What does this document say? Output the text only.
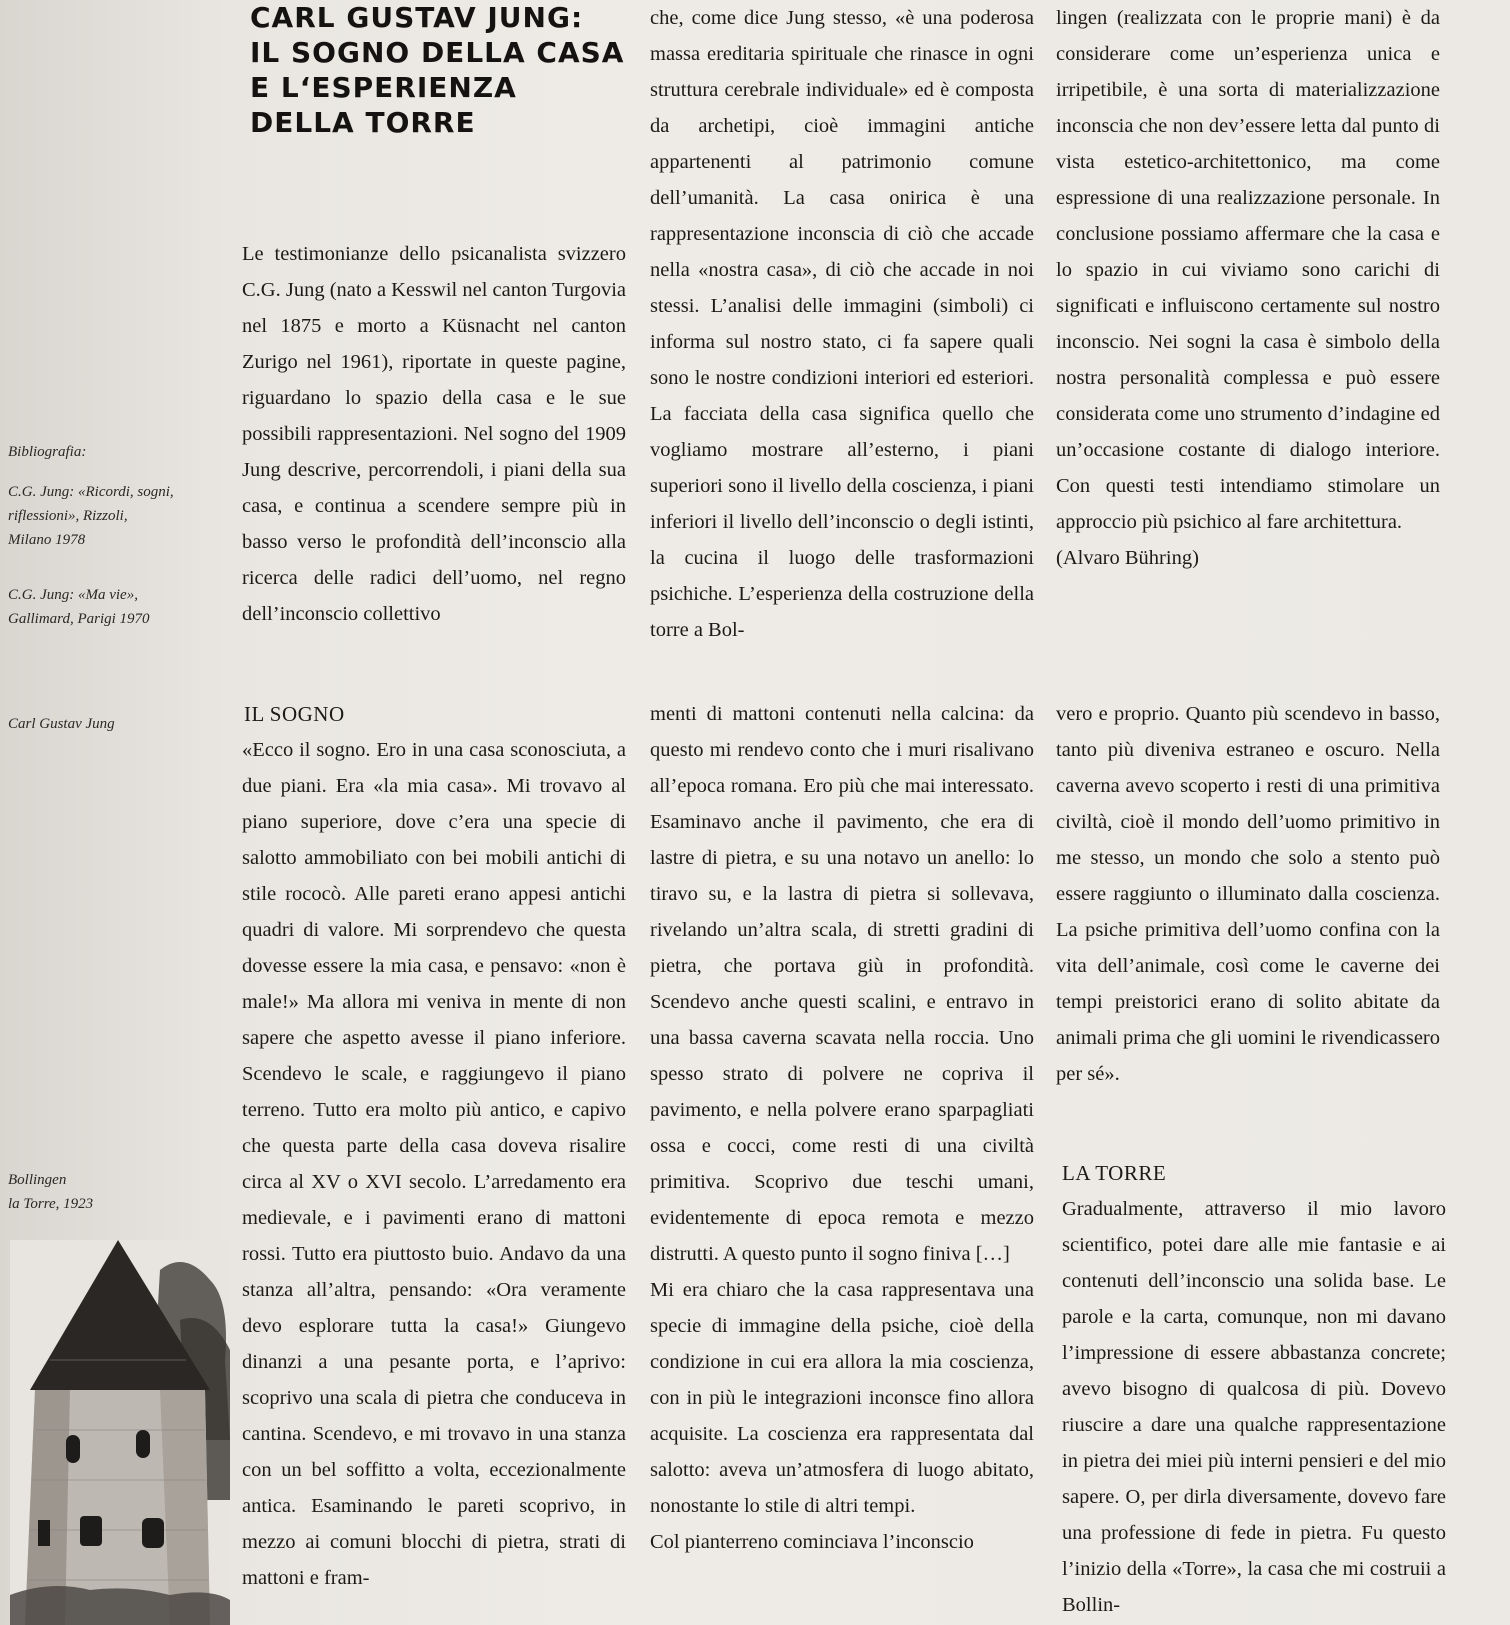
CARL GUSTAV JUNG:
IL SOGNO DELLA CASA
E L‘ESPERIENZA
DELLA TORRE
Bibliografia:
C.G. Jung: «Ricordi, sogni,
riflessioni», Rizzoli,
Milano 1978
C.G. Jung: «Ma vie»,
Gallimard, Parigi 1970
Carl Gustav Jung
Bollingen
la Torre, 1923

Le testimonianze dello psicanalista svizzero C.G. Jung (nato a Kesswil nel canton Turgovia nel 1875 e morto a Küsnacht nel canton Zurigo nel 1961), riportate in queste pagine, riguardano lo spazio della casa e le sue possibili rappresentazioni. Nel sogno del 1909 Jung descrive, percorrendoli, i piani della sua casa, e continua a scendere sempre più in basso verso le profondità dell’inconscio alla ricerca delle radici dell’uomo, nel regno dell’inconscio collettivo

che, come dice Jung stesso, «è una poderosa massa ereditaria spirituale che rinasce in ogni struttura cerebrale individuale» ed è composta da archetipi, cioè immagini antiche appartenenti al patrimonio comune dell’umanità. La casa onirica è una rappresentazione inconscia di ciò che accade nella «nostra casa», di ciò che accade in noi stessi. L’analisi delle immagini (simboli) ci informa sul nostro stato, ci fa sapere quali sono le nostre condizioni interiori ed esteriori. La facciata della casa significa quello che vogliamo mostrare all’esterno, i piani superiori sono il livello della coscienza, i piani inferiori il livello dell’inconscio o degli istinti, la cucina il luogo delle trasformazioni psichiche. L’esperienza della costruzione della torre a Bol-

lingen (realizzata con le proprie mani) è da considerare come un’esperienza unica e irripetibile, è una sorta di materializzazione inconscia che non dev’essere letta dal punto di vista estetico-architettonico, ma come espressione di una realizzazione personale. In conclusione possiamo affermare che la casa e lo spazio in cui viviamo sono carichi di significati e influiscono certamente sul nostro inconscio. Nei sogni la casa è simbolo della nostra personalità complessa e può essere considerata come uno strumento d’indagine ed un’occasione costante di dialogo interiore. Con questi testi intendiamo stimolare un approccio più psichico al fare architettura.

(Alvaro Bühring)

IL SOGNO

«Ecco il sogno. Ero in una casa sconosciuta, a due piani. Era «la mia casa». Mi trovavo al piano superiore, dove c’era una specie di salotto ammobiliato con bei mobili antichi di stile rococò. Alle pareti erano appesi antichi quadri di valore. Mi sorprendevo che questa dovesse essere la mia casa, e pensavo: «non è male!» Ma allora mi veniva in mente di non sapere che aspetto avesse il piano inferiore. Scendevo le scale, e raggiungevo il piano terreno. Tutto era molto più antico, e capivo che questa parte della casa doveva risalire circa al XV o XVI secolo. L’arredamento era medievale, e i pavimenti erano di mattoni rossi. Tutto era piuttosto buio. Andavo da una stanza all’altra, pensando: «Ora veramente devo esplorare tutta la casa!» Giungevo dinanzi a una pesante porta, e l’aprivo: scoprivo una scala di pietra che conduceva in cantina. Scendevo, e mi trovavo in una stanza con un bel soffitto a volta, eccezionalmente antica. Esaminando le pareti scoprivo, in mezzo ai comuni blocchi di pietra, strati di mattoni e fram-

menti di mattoni contenuti nella calcina: da questo mi rendevo conto che i muri risalivano all’epoca romana. Ero più che mai interessato. Esaminavo anche il pavimento, che era di lastre di pietra, e su una notavo un anello: lo tiravo su, e la lastra di pietra si sollevava, rivelando un’altra scala, di stretti gradini di pietra, che portava giù in profondità. Scendevo anche questi scalini, e entravo in una bassa caverna scavata nella roccia. Uno spesso strato di polvere ne copriva il pavimento, e nella polvere erano sparpagliati ossa e cocci, come resti di una civiltà primitiva. Scoprivo due teschi umani, evidentemente di epoca remota e mezzo distrutti. A questo punto il sogno finiva […]

Mi era chiaro che la casa rappresentava una specie di immagine della psiche, cioè della condizione in cui era allora la mia coscienza, con in più le integrazioni inconsce fino allora acquisite. La coscienza era rappresentata dal salotto: aveva un’atmosfera di luogo abitato, nonostante lo stile di altri tempi.

Col pianterreno cominciava l’inconscio

vero e proprio. Quanto più scendevo in basso, tanto più diveniva estraneo e oscuro. Nella caverna avevo scoperto i resti di una primitiva civiltà, cioè il mondo dell’uomo primitivo in me stesso, un mondo che solo a stento può essere raggiunto o illuminato dalla coscienza. La psiche primitiva dell’uomo confina con la vita dell’animale, così come le caverne dei tempi preistorici erano di solito abitate da animali prima che gli uomini le rivendicassero per sé».

LA TORRE

Gradualmente, attraverso il mio lavoro scientifico, potei dare alle mie fantasie e ai contenuti dell’inconscio una solida base. Le parole e la carta, comunque, non mi davano l’impressione di essere abbastanza concrete; avevo bisogno di qualcosa di più. Dovevo riuscire a dare una qualche rappresentazione in pietra dei miei più interni pensieri e del mio sapere. O, per dirla diversamente, dovevo fare una professione di fede in pietra. Fu questo l’inizio della «Torre», la casa che mi costruii a Bollin-
